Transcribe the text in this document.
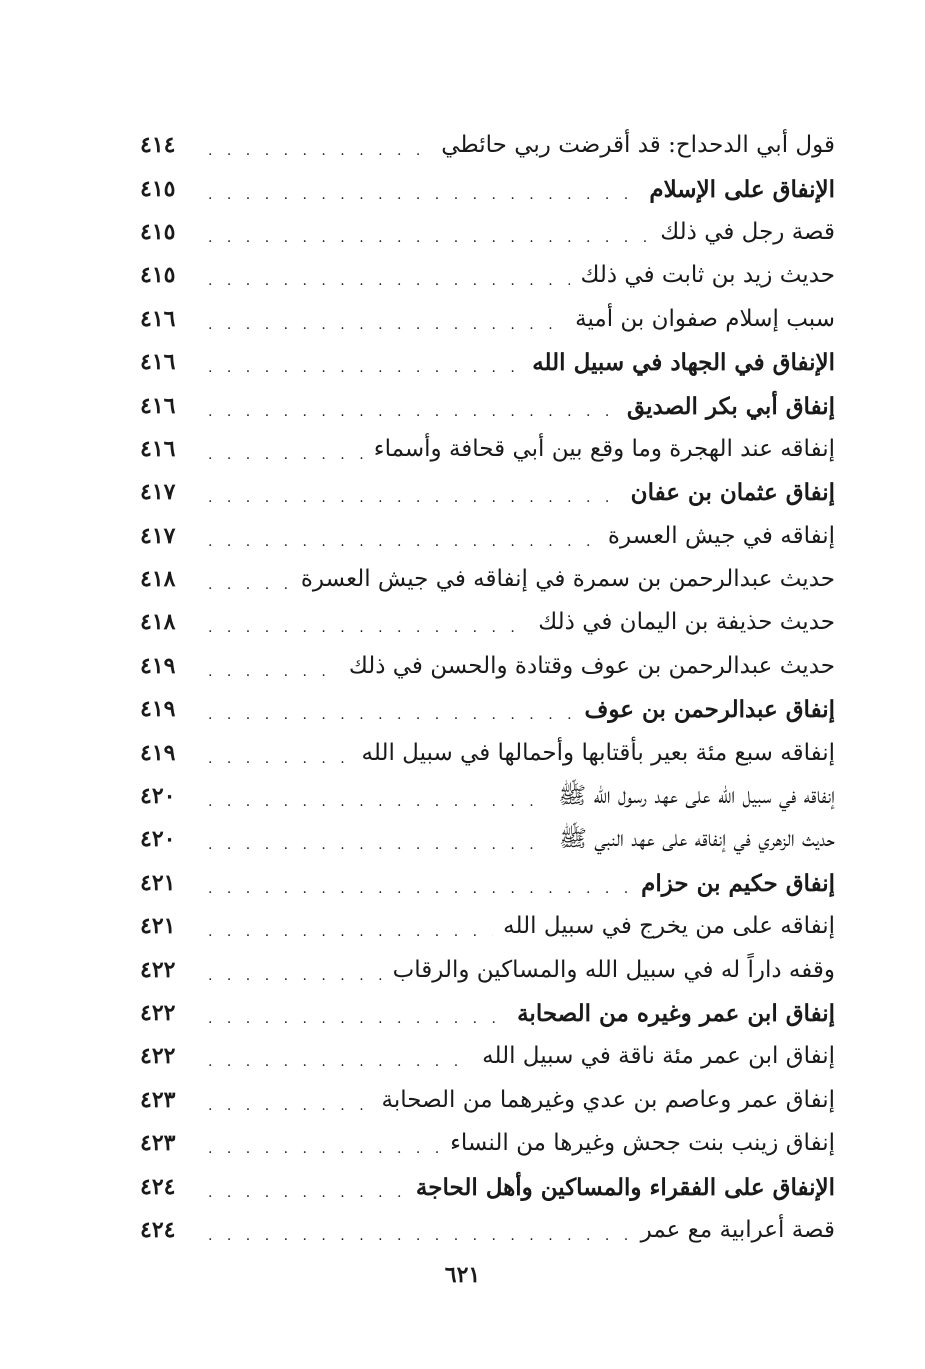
قول أبي الدحداح: قد أقرضت ربي حائطي
. . .
٤١٤
الإنفاق على الإسلام
. . .
٤١٥
قصة رجل في ذلك
. . .
٤١٥
حديث زيد بن ثابت في ذلك
. . .
٤١٥
سبب إسلام صفوان بن أمية
. . .
٤١٦
الإنفاق في الجهاد في سبيل الله
. . .
٤١٦
إنفاق أبي بكر الصديق
. . .
٤١٦
إنفاقه عند الهجرة وما وقع بين أبي قحافة وأسماء
. . .
٤١٦
إنفاق عثمان بن عفان
. . .
٤١٧
إنفاقه في جيش العسرة
. . .
٤١٧
حديث عبدالرحمن بن سمرة في إنفاقه في جيش العسرة
. . .
٤١٨
حديث حذيفة بن اليمان في ذلك
. . .
٤١٨
حديث عبدالرحمن بن عوف وقتادة والحسن في ذلك
. . .
٤١٩
إنفاق عبدالرحمن بن عوف
. . .
٤١٩
إنفاقه سبع مئة بعير بأقتابها وأحمالها في سبيل الله
. . .
٤١٩
إنفاقه في سبيل الله على عهد رسول الله ﷺ
. . .
٤٢٠
حديث الزهري في إنفاقه على عهد النبي ﷺ
. . .
٤٢٠
إنفاق حكيم بن حزام
. . .
٤٢١
إنفاقه على من يخرج في سبيل الله
. . .
٤٢١
وقفه داراً له في سبيل الله والمساكين والرقاب
. . .
٤٢٢
إنفاق ابن عمر وغيره من الصحابة
. . .
٤٢٢
إنفاق ابن عمر مئة ناقة في سبيل الله
. . .
٤٢٢
إنفاق عمر وعاصم بن عدي وغيرهما من الصحابة
. . .
٤٢٣
إنفاق زينب بنت جحش وغيرها من النساء
. . .
٤٢٣
الإنفاق على الفقراء والمساكين وأهل الحاجة
. . .
٤٢٤
قصة أعرابية مع عمر
. . .
٤٢٤
٦٢١
